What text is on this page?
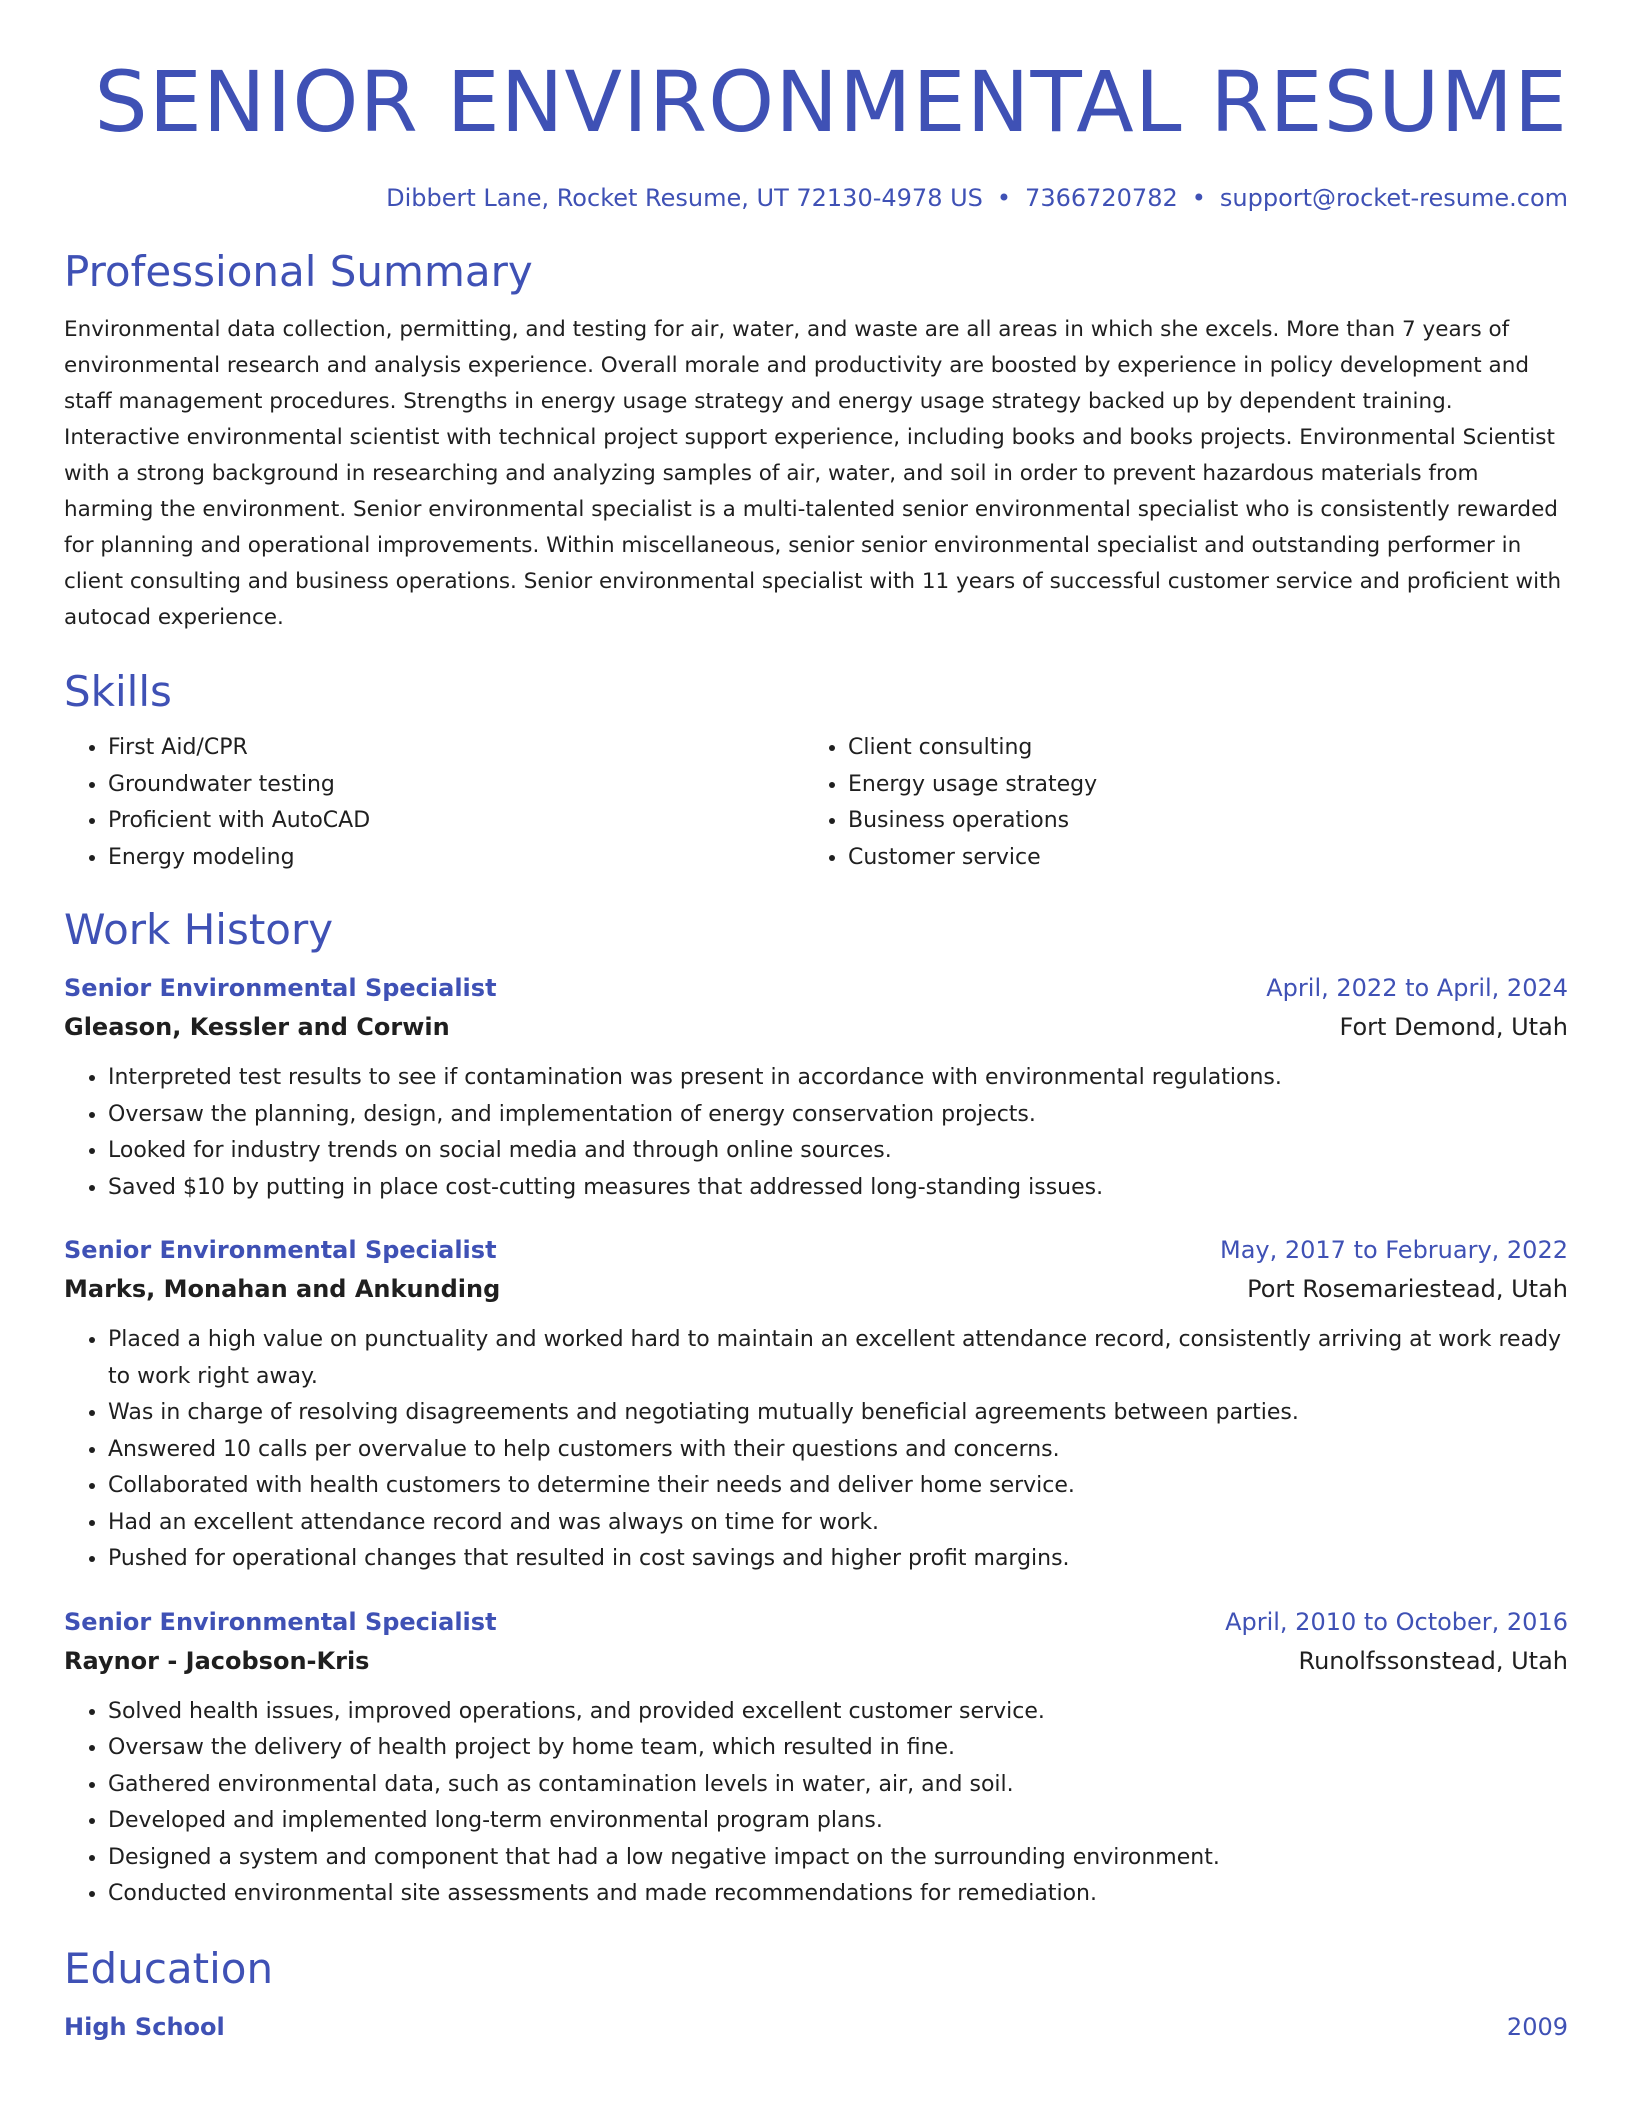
SENIOR ENVIRONMENTAL RESUME
Dibbert Lane, Rocket Resume, UT 72130-4978 US • 7366720782 • support@rocket-resume.com
Professional Summary

Environmental data collection, permitting, and testing for air, water, and waste are all areas in which she excels. More than 7 years of environmental research and analysis experience. Overall morale and productivity are boosted by experience in policy development and staff management procedures. Strengths in energy usage strategy and energy usage strategy backed up by dependent training. Interactive environmental scientist with technical project support experience, including books and books projects. Environmental Scientist with a strong background in researching and analyzing samples of air, water, and soil in order to prevent hazardous materials from harming the environment. Senior environmental specialist is a multi-talented senior environmental specialist who is consistently rewarded for planning and operational improvements. Within miscellaneous, senior senior environmental specialist and outstanding performer in client consulting and business operations. Senior environmental specialist with 11 years of successful customer service and proficient with autocad experience.

Skills
• First Aid/CPR
• Groundwater testing
• Proficient with AutoCAD
• Energy modeling
• Client consulting
• Energy usage strategy
• Business operations
• Customer service
Work History
Senior Environmental Specialist	April, 2022 to April, 2024
Gleason, Kessler and Corwin	Fort Demond, Utah
• Interpreted test results to see if contamination was present in accordance with environmental regulations.
• Oversaw the planning, design, and implementation of energy conservation projects.
• Looked for industry trends on social media and through online sources.
• Saved $10 by putting in place cost-cutting measures that addressed long-standing issues.
Senior Environmental Specialist	May, 2017 to February, 2022
Marks, Monahan and Ankunding	Port Rosemariestead, Utah
• Placed a high value on punctuality and worked hard to maintain an excellent attendance record, consistently arriving at work ready to work right away.
• Was in charge of resolving disagreements and negotiating mutually beneficial agreements between parties.
• Answered 10 calls per overvalue to help customers with their questions and concerns.
• Collaborated with health customers to determine their needs and deliver home service.
• Had an excellent attendance record and was always on time for work.
• Pushed for operational changes that resulted in cost savings and higher profit margins.
Senior Environmental Specialist	April, 2010 to October, 2016
Raynor - Jacobson-Kris	Runolfssonstead, Utah
• Solved health issues, improved operations, and provided excellent customer service.
• Oversaw the delivery of health project by home team, which resulted in fine.
• Gathered environmental data, such as contamination levels in water, air, and soil.
• Developed and implemented long-term environmental program plans.
• Designed a system and component that had a low negative impact on the surrounding environment.
• Conducted environmental site assessments and made recommendations for remediation.
Education
High School	2009
